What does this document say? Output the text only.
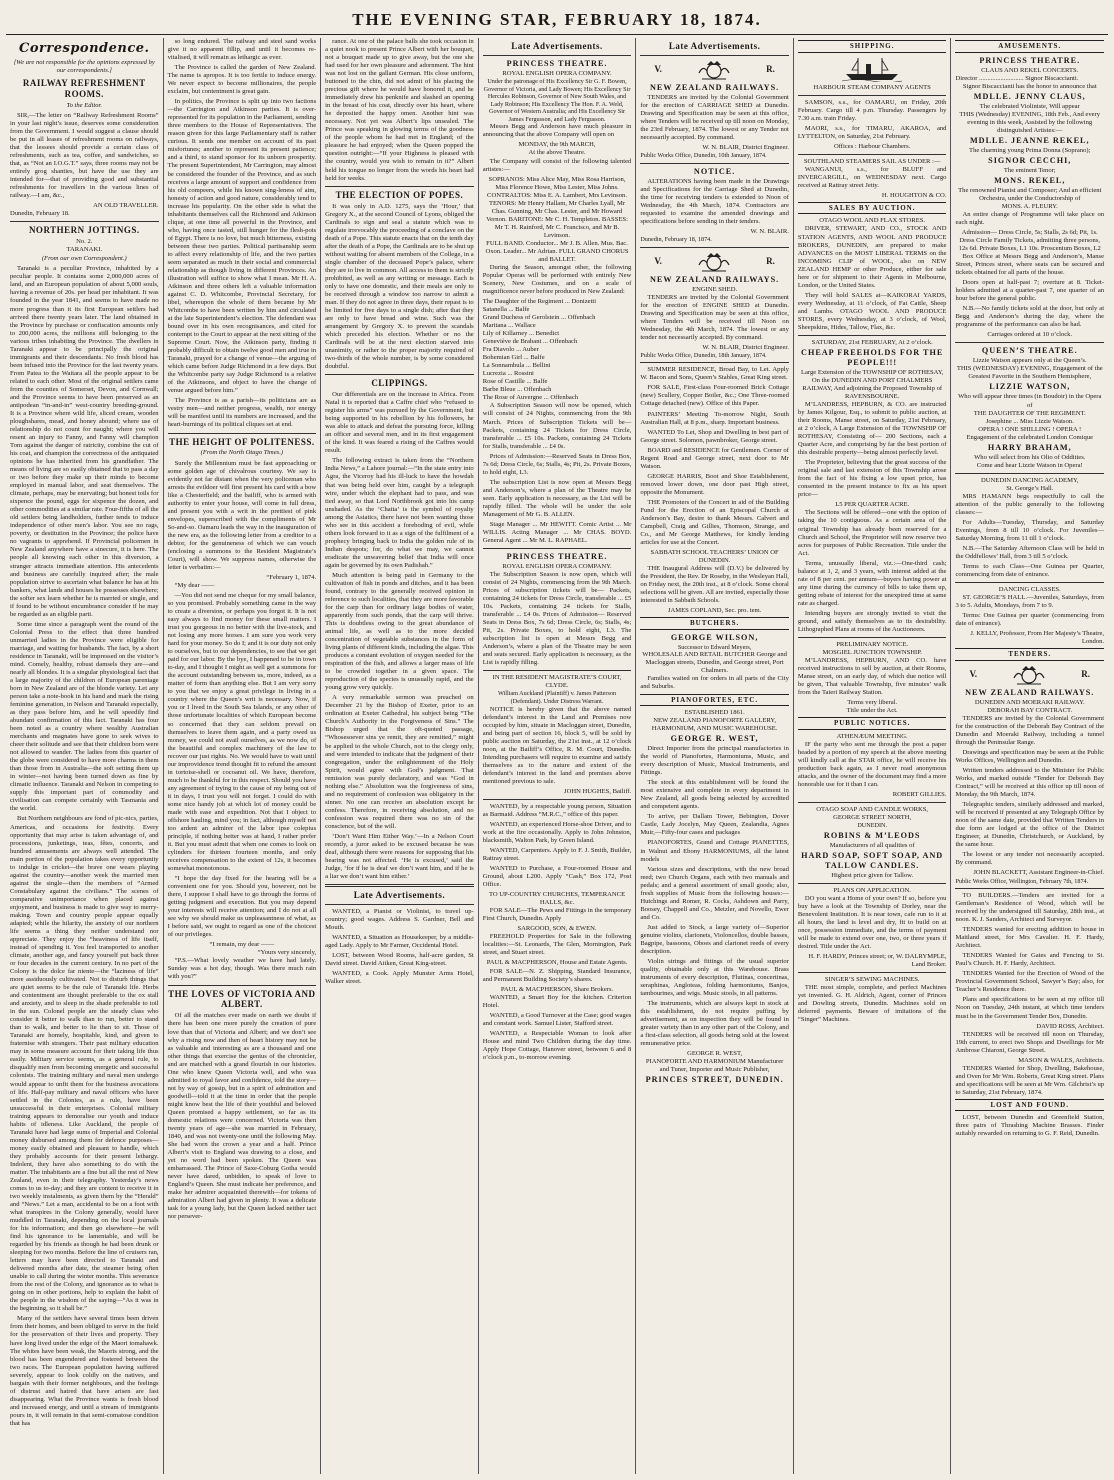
THE EVENING STAR, FEBRUARY 18, 1874.
Correspondence.
[We are not responsible for the opinions expressed by our correspondents.]
RAILWAY REFRESHMENT ROOMS.
To the Editor.

SIR,—The letter on “Railway Refreshment Rooms” in your last night’s issue, deserves some consideration from the Government. I would suggest a clause should be put in all leases of refreshment rooms on railways, that the lessees should provide a certain class of refreshments, such as tea, coffee, and sandwiches, so that, as “Not an I.O.G.T.” says, three rooms may not be entirely grog shanties, but have the use they are intended for—that of providing good and substantial refreshments for travellers in the various lines of railway.—I am, &c.,

AN OLD TRAVELLER.
Dunedin, February 18.
NORTHERN JOTTINGS.
No. 2.
TARANAKI.
(From our own Correspondent.)

Taranaki is a peculiar Province, inhabited by a peculiar people. It contains some 2,000,000 acres of land, and an European population of about 5,000 souls, having a revenue of 20s. per head per inhabitant. It was founded in the year 1841, and seems to have made no more progress than it its first European settlers had arrived there twenty years later. The land obtained in the Province by purchase or confiscation amounts only to 200,000 acres, the millions still belonging to the various tribes inhabiting the Province. The dwellers in Taranaki appear to be principally the original immigrants and their descendants. No fresh blood has been infused into the Province for the last twenty years. From Patea to the Waitara all the people appear to be related to each other. Most of the original settlers came from the counties of Somerset, Devon, and Cornwall; and the Province seems to have been preserved as an antipodean “in-and-in” west-country breeding-ground. It is a Province where wild life, sliced cream, wooden ploughshares, mead, and honey abound; where use of relationship do not count for naught; where you will resent an injury to Fanny, and Fanny will champion Tom against the danger of ratricity, combine the cut of his coat, and champion the correctness of the antiquated opinions he has inherited from his grandfather. The means of living are so easily obtained that to pass a day or two before they make up their minds to become employed in manual labor, and seat themselves. The climate, perhaps, may be enervating; but honest toils for sixpence the pound, eggs for sixpence the dozen, and other commodities at a similar rate. Four-fifths of all the old settlers being landholders, further tends to induce independence of other men’s labor. You see no rags, poverty, or destitution in the Province; the police have no vagrants to apprehend. If Provincial policemen in New Zealand anywhere have a sinecure, it is here. The people all knowing each other in this diversion, a stranger attracts immediate attention. His antecedents and business are carefully inquired after; the male population strive to ascertain what balance he has at his bankers, what lands and houses he possesses elsewhere; the softer sex learn whether he is married or single, and if found to be without encumbrance consider if he may be regarded as an eligible parti.

Some time since a paragraph went the round of the Colonial Press to the effect that three hundred unmarried ladies in the Province were eligible for marriage, and waiting for husbands. The fact, by a short residence in Taranaki, will be impressed on the visitor’s mind. Comely, healthy, robust damsels they are—and nearly all blondes. It is a singular physiological fact that a large majority of the children of European parentage born in New Zealand are of the blonde variety. Let any person take a note-book in his hand and mark the rising feminine generation, in Nelson and Taranaki especially, as they pass before him, and he will speedily find abundant confirmation of this fact. Taranaki has four been noted as a country where wealthy Australian merchants and magnates have gone to seek wives to cheer their solitude and see that their children born were not allowed to wander. The ladies from this quarter of the globe were considered to have more charms in them than those from in Australia—the soft setting them up in winter—not having been turned down as fine by climatic influence. Taranaki and Nelson in competing to supply this important part of commodity and civilisation can compete certainly with Tasmania and the world.

But Northern neighbours are fond of pic-nics, parties, Americas, and occasions for festivity. Every opportunity that may arise is taken advantage of, and processions, junketings, teas, fêtes, concerts, and hundred amusements are always well attended. The main portion of the population takes every opportunity to indulge in cricket—the brave one wears playing against the country—another week the married men against the single—then the members of “Armed Constabulary against the civilians.” The scenes of comparative unimportance when placed against enjoyment, and business is made to give way to merry-making. Town and country people appear equally adapted; while the hilarity, the anxiety of our northern life seems a thing they neither understand nor appreciate. They enjoy the “heaviness of life itself, instead of spending it. You feel transported to another climate, another age, and fancy yourself put back three or four decades in the current century. In no part of the Colony is the dolce far niente—the “laziness of life” more assiduously cultivated. Not to disturb things that are quiet seems to be the rule of Taranaki life. Herbs and contentment are thought preferable to the ox stall and anxiety, and to sleep in the shade preferable to toil in the sun. Colonel people are the steady class who consider it better to walk than to run, better to stand than to walk, and better to lie than to sit. Those of Taranaki are homely, hospitable, kind, and given to fraternise with strangers. Their past military education may in some measure account for their taking life thus easily. Military service seems, as a general rule, to disqualify men from becoming energetic and successful colonists. The training military and naval men undergo would appear to unfit them for the business avocations of life. Half-pay military and naval officers who have settled in the Colonies, as a rule, have been unsuccessful in their enterprises. Colonial military training appears to demoralise our youth and induce habits of idleness. Like Auckland, the people of Taranaki have had large sums of Imperial and Colonial money disbursed among them for defence purposes—money easily obtained and pleasant to handle, which they probably accounts for their present lethargy. Indolent, they have also something to do with the matter. The inhabitants are a fine but all the rest of New Zealand, even in their telegraphy. Yesterday’s news comes to us to-day; and they are content to receive it in two weekly instalments, as given them by the “Herald” and “News.” Let a man, accidental to be on a foot with what transpires in the Colony generally, would have muddled in Taranaki, depending on the local journals for his information; and then go elsewhere—he will find his ignorance to be lamentable, and will be regarded by his friends as though he had been drunk or sleeping for two months. Before the line of cruisers ran, letters may have been directed to Taranaki and delivered months after date, the steamer being often unable to call during the winter months. This severance from the rest of the Colony, and ignorance as to what is going on in other portions, help to explain the habit of the people in the wisdom of the saying—“As it was in the beginning, so it shall be.”

Many of the settlers have several times been driven from their homes, and been obliged to serve in the field for the preservation of their lives and property. They have long lived under the edge of the Maori tomahawk. The whites have been weak, the Maoris strong, and the blood has been engendered and fostered between the two races. The European population having suffered severely, appear to look coldly on the natives, and bargain with their former neighbours, and the feelings of distrust and hatred that have arisen are fast disappearing. What the Province wants is fresh blood and increased energy, and until a stream of immigrants pours in, it will remain in that semi-comatose condition that has

so long endured. The railway and steel sand works give it no apparent fillip, and until it becomes re-vitalised, it will remain as lethargic as ever.

The Province is called the garden of New Zealand. The name is apropos. It is too fertile to induce energy. We never expect to become millionaires, the people exclaim, but contentment is great gain.

In politics, the Province is split up into two factions—the Carrington and Atkinson parties. It is over-represented for its population in the Parliament, sending three members to the House of Representatives. The reason given for this large Parliamentary staff is rather curious. It sends one member on account of its past misfortunes; another to represent its present patience; and a third, to stand sponsor for its unborn prosperity. The present Superintendent, Mr Carrington, may almost be considered the founder of the Province, and as such receives a large amount of support and confidence from his old compeers, while his known sing-leness of aim, honesty of action and good nature, considerably tend to increase his popularity. On the other side is what the inhabitants themselves call the Richmond and Atkinson clique, at one time all powerful in the Province, and who, having once tasted, still hunger for the flesh-pots of Egypt. There is no love, but much bitterness, existing between these two parties. Political partisanship seem to affect every relationship of life, and the two parties seem separated as much in their social and commercial relationship as though living in different Provinces. An illustration will suffice to show what I mean. Mr H. A. Atkinson and three others left a valuable information against C. D. Whitcombe, Provincial Secretary, for libel, whereupon the whole of them became by Mr Whitcombe to have been written by him and circulated at the late Superintendent’s election. The defendant was bound over in his own recognisances, and cited for contempt to the Court to appear at the next sitting of the Supreme Court. Now, the Atkinson party, finding it probably difficult to obtain twelve good men and true in Taranaki, prayed for a change of venue—the arguing of which came before Judge Richmond in a few days. But the Whitcombe party say Judge Richmond is a relative of the Atkinsons, and object to have the change of venue argued before him.”

The Province is as a parish—its politicians are as vestry men—and neither progress, wealth, nor energy will be manifest until its numbers are increased, and the heart-burnings of its political cliques set at end.

THE HEIGHT OF POLITENESS.
(From the North Otago Times.)

Surely the Millennium must be fast approaching or some golden age of chivalrous courtesy. We say is evidently not far distant when the very policeman who arrests the evildoer will first present his card with a bow like a Chesterfield; and the bailiff, who is armed with authority to enter your house, will come in full dress, and present you with a writ in the prettiest of pink envelopes, superscribed with the compliments of Mr So-and-so. Oamaru leads the way in the inauguration of the new era, as the following letter from a creditor to a debtor, for the genuineness of which we can vouch (enclosing a summons to the Resident Magistrate’s Court), will show. We suppress names, otherwise the letter is verbatim:—

“February 1, 1874.

“My dear ——

—You did not send me cheque for my small balance, so you promised. Probably something came in the way to create a diversion, or perhaps you forgot it. It is not easy always to find money for these small matters. I trust you gorgeous in no better with the live-stock, and not losing any more horses. I am sure you work very hard for your money. So do I; and it is our duty not only to ourselves, but to our dependencies, to see that we get paid for our labor. By the bye, I happened to be in town to-day, and I thought I might as well get a summons for the account outstanding between us, more, indeed, as a matter of form than anything else. But I am very sorry to you that we enjoy a great privilege in living in a country where the Queen’s writ is necessary. Now, if you or I lived in the South Sea Islands, or any other of those unfortunate localities of which European become so concerned that they can seldom prevail on themselves to leave them again, and a party owed us money, we could not avail ourselves, as we now do, of the beautiful and complex machinery of the law to recover our just rights. No. We would have to wait until our improvidence trend thought fit to refund the amount in tortoise-shell or cocoanut oil. We have, therefore, much to be thankful for in this respect. Should you have any agreement of trying to the cause of my being out of it in days, I trust you will not forget. I could do with some nice handy job at which lot of money could be made with ease and expedition. Not that I object to offshore hauling, mind you; in fact, although myself not too ardent an admirer of the labor ipse colepius principle, if nothing better was at hand, I rather prefer it. But you must admit that when one comes to look on cylinders for thirteen fourteen months, and only receives compensation to the extent of 12s, it becomes somewhat monotonous.

“I hope the day fixed for the hearing will be a convenient one for you. Should you, however, not be there, I suppose I shall have to go through the forms of getting judgment and execution. But you may depend your interests will receive attention; and I do not at all see why we should make us unpleasantness of what, as I before said, we ought to regard as one of the choicest of our privileges.

“I remain, my dear ——
“Yours very sincerely,

“P.S.—What lovely weather we have had lately. Sunday was a hot day, though. Was there much rain with you?”

THE LOVES OF VICTORIA AND ALBERT.

Of all the matches ever made on earth we doubt if there has been one more purely the creation of pure love than that of Victoria and Albert; and we don’t see why a rising now and then of heart history may not be as valuable and interesting as are a thousand and one other things that exercise the genius of the chronicler, and are matched with a grand flourish in our histories. One who knew Queen Victoria well, and who was admitted to royal favor and confidence, told the story—not by way of gossip, but in a spirit of admiration and goodwill—told it at the time in order that the people might know best the life of their youthful and beloved Queen promised a happy settlement, so far as its domestic relations were concerned. Victoria was then twenty years of age—she was married in February, 1840, and was not twenty-one until the following May. She had worn the crown a year and a half. Prince Albert’s visit to England was drawing to a close, and yet no word had been spoken. The Queen was embarrassed. The Prince of Saxe-Coburg Gotha would never have dared, unbidden, to speak of love to England’s Queen. She must indicate her preference, and make her admirer acquainted therewith—for tokens of admiration Albert had given in plenty. It was a delicate task for a young lady, but the Queen lacked neither tact nor persever-

rance. At one of the palace balls she took occasion in a quiet nook to present Prince Albert with her bouquet, not a bouquet made up to give away, but the one she had used for her own pleasure and adornment. The hint was not lost on the gallant German. His close uniform, buttoned to the chin, did not admit of his placing the precious gift where he would have honored it, and he immediately drew his penknife and slashed an opening in the breast of his coat, directly over his heart, where he deposited the happy omen. Another hint was necessary. Not yet was Albert’s lips unsealed. The Prince was speaking in glowing terms of the goodness of the people whom he had met in England; of the pleasure he had enjoyed; when the Queen popped the question outright:—“If your Highness is pleased with the country, would you wish to remain in it?” Albert held his tongue no longer from the words his heart had held for weeks.

THE ELECTION OF POPES.

It was only in A.D. 1275, says the ‘Hour,’ that Gregory X., at the second Council of Lyons, obliged the Cardinals to sign and seal a statute which was to regulate irrevocably the proceeding of a conclave on the death of a Pope. This statute enacts that on the tenth day after the death of a Pope, the Cardinals are to be shut up without waiting for absent members of the College, in a single chamber of the deceased Pope’s palace, where they are to live in common. All access to them is strictly prohibited, as well as any writing or message. Each is only to have one domestic, and their meals are only to be received through a window too narrow to admit a man. If they do not agree in three days, their repast is to be limited for five days to a single dish; after that they are only to have bread and wine. Such was the arrangement by Gregory X. to prevent the scandals which preceded his election. Whether or no the Cardinals will be at the next election starved into unanimity, or rather to the proper majority required of two-thirds of the whole number, is by some considered doubtful.

CLIPPINGS.

Our differentials are on the increase in Africa. From Natal it is reported that a Caffre chief who “refused to register his arms” was pursued by the Government, but being supported in his rebellion by his followers, he was able to attack and defeat the pursuing force, killing an officer and several men, and in its first engagement of the kind. It was feared a rising of the Caffres would result.

The following extract is taken from the “Northern India News,” a Lahore journal:—“In the state entry into Agra, the Viceroy had his ill-luck to have the howdah that was being held over him, caught by a telegraph wire, under which the elephant had to pass, and was tied away, so that Lord Northbrook got into his camp unshaded. As the ‘Chatta’ is the symbol of royalty among the Asiatics, there have not been wanting those who see in this accident a foreboding of evil, while others look forward to it as a sign of the fulfilment of a prophecy bringing back to India the golden rule of its Indian despots; for, do what we may, we cannot eradicate the unwavering belief that India will once again be governed by its own Padishah.”

Much attention is being paid in Germany to the cultivation of fish in ponds and ditches, and it has been found, contrary to the generally received opinion in reference to such localities, that they are more favorable for the carp than for ordinary laige bodies of water, apparently from such ponds, that the carp will thrive. This is doubtless owing to the great abundance of animal life, as well as to the more decided concentration of vegetable substances in the form of living plants of different kinds, including the algae. This produces a constant evolution of oxygen needed for the respiration of the fish, and allows a larger mass of life to be crowded together in a given space. The reproduction of the species is unusually rapid, and the young grow very quickly.

A very remarkable sermon was preached on December 21 by the Bishop of Exeter, prior to an ordination at Exeter Cathedral, his subject being “The Church’s Authority in the Forgiveness of Sins.” The Bishop urged that the oft-quoted passage, “Whosesoever sins ye remit, they are remitted,” might be applied to the whole Church, not to the clergy only, and were intended to indicate that the judgment of their congregation, under the enlightenment of the Holy Spirit, would agree with God’s judgment. That remission was purely declaratory, and was “God in nothing else.” Absolution was the forgiveness of sins, and no requirement of confession was obligatory in the sinner. No one can receive an absolution except he confess. Therefore, in receiving absolution, and no confession was required there was no sin of the conscience, but of the will.

‘Don’t Want Him Either Way.’—In a Nelson Court recently, a juror asked to be excused because he was deaf, although there were reasons for supposing that his hearing was not affected. ‘He is excused,’ said the Judge, ‘for if he is deaf we don’t want him, and if he is a liar we don’t want him either.’

Late Advertisements.

WANTED, a Pianist or Violinist, to travel up-country; good wages. Address S. Gardner, Bell and Mouth.

WANTED, a Situation as Housekeeper, by a middle-aged Lady. Apply to Mr Farmer, Occidental Hotel.

LOST, between Wood Rooms, half-acre garden, St David street. David Aitken, Great King-street.

WANTED, a Cook. Apply Munster Arms Hotel, Walker street.

Late Advertisements.
PRINCESS THEATRE.
ROYAL ENGLISH OPERA COMPANY.
Under the patronage of His Excellency Sir G. F. Bowen, Governor of Victoria, and Lady Bowen; His Excellency Sir Hercules Robinson, Governor of New South Wales, and Lady Robinson; His Excellency The Hon. F. A. Weld, Governor of Western Australia; and His Excellency Sir James Fergusson, and Lady Fergusson.

Messrs Begg and Anderson have much pleasure in announcing that the above Company will open on

MONDAY, the 9th MARCH,
At the above Theatre.

The Company will consist of the following talented artistes:—

SOPRANOS: Miss Alice May, Miss Rosa Harrison, Miss Florence Howe, Miss Lester, Miss Johns. CONTRALTOS: Miss E. A. Lambert, Mrs Levinson. TENORS: Mr Henry Hallam, Mr Charles Lyall, Mr Chas. Gunning, Mr Chas. Lester, and Mr Howard Vernon. BARITONE: Mr C. H. Templeton. BASSES: Mr T. H. Rainford, Mr C. Francisco, and Mr B. Levinson.
FULL BAND. Conductor... Mr J. B. Allen. Mus. Bac. Oxon. Leader... Mr Adrian. FULL GRAND CHORUS and BALLET.

During the Season, amongst other, the following Popular Operas will be performed with entirely New Scenery, New Costumes, and on a scale of magnificence never before produced in New Zealand:

The Daughter of the Regiment ... Donizetti
Satanella ... Balfe
Grand Duchess of Gerolstein ... Offenbach
Maritana ... Wallace
Lily of Killarney ... Benedict
Geneviève de Brabant ... Offenbach
Fra Diavolo ... Auber
Bohemian Girl ... Balfe
La Sonnambula ... Bellini
Lucrezia ... Rossini
Rose of Castille ... Balfe
Barbe Bleue ... Offenbach
The Rose of Auvergne ... Offenbach

A Subscription Season will now be opened, which will consist of 24 Nights, commencing from the 9th March. Prices of Subscription Tickets will be— Packets, containing 24 Tickets for Dress Circle, transferable ... £5 10s. Packets, containing 24 Tickets for Stalls, transferable ... £4 0s.

Prices of Admission:—Reserved Seats in Dress Box, 7s 6d; Dress Circle, 6s; Stalls, 4s; Pit, 2s. Private Boxes, to hold eight, L3.

The subscription List is now open at Messrs Begg and Anderson’s, where a plan of the Theatre may be seen. Early application is necessary, as the List will be rapidly filled. The whole will be under the sole Management of Mr G. B. ALLEN.

Stage Manager ... Mr HEWITT. Comic Artist ... Mr WILLIS. Acting Manager ... Mr CHAS. BOYD. General Agent ... Mr M. L. RAPHAEL.

PRINCESS THEATRE.
ROYAL ENGLISH OPERA COMPANY.

The Subscription Season is now open, which will consist of 24 Nights, commencing from the 9th March. Prices of subscription tickets will be— Packets, containing 24 tickets for Dress Circle, transferable ... £5 10s. Packets, containing 24 tickets for Stalls, transferable ... £4 0s. Prices of Admission— Reserved Seats in Dress Box, 7s 6d; Dress Circle, 6s; Stalls, 4s; Pit, 2s. Private Boxes, to hold eight, L3. The subscription list is open at Messrs Begg and Anderson’s, where a plan of the Theatre may be seen and seats secured. Early application is necessary, as the List is rapidly filling.

IN THE RESIDENT MAGISTRATE’S COURT, CLYDE.
William Auckland (Plaintiff) v. James Patterson (Defendant). Under Distress Warrant.

NOTICE is hereby given that the above named defendant’s interest in the Land and Premises now occupied by him, situate in Macloggan street, Dunedin, and being part of section 16, block 5, will be sold by public auction on Saturday, the 21st inst., at 12 o’clock noon, at the Bailiff’s Office, R. M. Court, Dunedin. Intending purchasers will require to examine and satisfy themselves as to the nature and extent of the defendant’s interest in the land and premises above mentioned previous to sale.

JOHN HUGHES, Bailiff.

WANTED, by a respectable young person, Situation as Barmaid. Address “M.R.C.,” office of this paper.

WANTED, an experienced Horse-shoe Driver, and to work at the fire occasionally. Apply to John Johnston, blacksmith, Walton Park, by Green Island.

WANTED, Carpenters. Apply to F. J. Smith, Builder, Rattray street.

WANTED to Purchase, a Four-roomed House and Ground, about L200. Apply “Cash,” Box 172, Post Office.

TO UP-COUNTRY CHURCHES, TEMPERANCE HALLS, &c.

FOR SALE—The Pews and Fittings in the temporary First Church, Dunedin. Apply

SARGOOD, SON, & EWEN.

FREEHOLD Properties for Sale in the following localities:—St. Leonards, The Glen, Mornington, Park street, and Stuart street.

PAUL & MACPHERSON, House and Estate Agents.

FOR SALE—N. Z. Shipping, Standard Insurance, and Permanent Building Society’s shares.

PAUL & MACPHERSON, Share Brokers.

WANTED, a Smart Boy for the kitchen. Criterion Hotel.

WANTED, a Good Turnover at the Case; good wages and constant work. Samuel Lister, Stafford street.

WANTED, a Respectable Woman to look after House and mind Two Children during the day time. Apply Hope Cottage, Hanover street, between 6 and 8 o’clock p.m., to-morrow evening.

Late Advertisements.
V.	R.
NEW ZEALAND RAILWAYS.

TENDERS are invited by the Colonial Government for the erection of CARRIAGE SHED at Dunedin. Drawing and Specification may be seen at this office, where Tenders will be received up till noon on Monday, the 23rd February, 1874. The lowest or any Tender not necessarily accepted. By command.

W. N. BLAIR, District Engineer.
Public Works Office, Dunedin, 10th January, 1874.
NOTICE.

ALTERATIONS having been made in the Drawings and Specifications for the Carriage Shed at Dunedin, the time for receiving tenders is extended to Noon of Wednesday, the 4th March, 1874. Contractors are requested to examine the amended drawings and specifications before sending in their tenders.

W. N. BLAIR.
Dunedin, February 18, 1874.
V.	R.
NEW ZEALAND RAILWAYS.
ENGINE SHED.

TENDERS are invited by the Colonial Government for the erection of ENGINE SHED at Dunedin. Drawing and Specification may be seen at this office, where Tenders will be received till Noon on Wednesday, the 4th March, 1874. The lowest or any tender not necessarily accepted. By command.

W. N. BLAIR, District Engineer.
Public Works Office, Dunedin, 18th January, 1874.

SUMMER RESIDENCE, Broad Bay, to Let. Apply W. Bacon and Sons, Queen’s Stables, Great King street.

FOR SALE, First-class Four-roomed Brick Cottage (new) Scullery, Copper Boiler, &c.; One Three-roomed Cottage detached (new). Office of this Paper.

PAINTERS’ Meeting To-morrow Night, South Australian Hall, at 8 p.m., sharp. Important business.

WANTED To Let, Shop and Dwelling in best part of George street. Solomon, pawnbroker, George street.

BOARD and RESIDENCE for Gentlemen. Corner of Regent Road and George street, next door to Mr Watson.

GEORGE HARRIS, Boot and Shoe Establishment, removed lower down, one door past High street, opposite the Monument.

THE Promoters of the Concert in aid of the Building Fund for the Erection of an Episcopal Church at Anderson’s Bay, desire to thank Messrs. Calvert and Campbell, Craig and Gillies, Thomson, Strange, and Co., and Mr George Matthews, for kindly lending articles for use at the Concert.

SABBATH SCHOOL TEACHERS’ UNION OF DUNEDIN.

THE Inaugural Address will (D.V.) be delivered by the President, the Rev. Dr Roseby, in the Wesleyan Hall, on Friday next, the 20th inst., at 8 o’clock. Some choral selections will be given. All are invited, especially those interested in Sabbath Schools.

JAMES COPLAND, Sec. pro. tem.
BUTCHERS.
GEORGE WILSON,
Successor to Edward Meyers,
WHOLESALE AND RETAIL BUTCHER George and Macloggan streets, Dunedin, and George street, Port Chalmers.

Families waited on for orders in all parts of the City and Suburbs.

PIANOFORTES, ETC.
ESTABLISHED 1861.
NEW ZEALAND PIANOFORTE GALLERY, HARMONIUM, AND MUSIC WAREHOUSE.
GEORGE R. WEST,

Direct Importer from the principal manufactories in the world of Pianofortes, Harmoniums, Music, and every description of Music, Musical Instruments, and Fittings.

The stock at this establishment will be found the most extensive and complete in every department in New Zealand, all goods being selected by accredited and competent agents.

To arrive, per Dallam Tower, Bebington, Dover Castle, Lady Jocelyn, May Queen, Zealandia, Agnes Muir,—Fifty-four cases and packages

PIANOFORTES, Grand and Cottage PIANETTES, in Walnut and Ebony HARMONIUMS, all the latest models

Various sizes and descriptions, with the new broad reed; two Church Organs, each with two manuals and pedals; and a general assortment of small goods; also, fresh supplies of Music from the following houses:—Hutchings and Romer, R. Cocks, Ashdown and Parry, Boosey, Chappell and Co., Metzler, and Novello, Ewer and Co.

Just added to Stock, a large variety of—Superior genuine violins, clarionets, Violoncellos, double basses, Bagpipe, bassoons, Oboes and clarionet reeds of every description.

Violin strings and fittings of the usual superior quality, obtainable only at this Warehouse. Brass instruments of every description, Flutinas, concertinas, seraphinas, Angloteas, folding harmoniums, Banjos, tambourines, and wigs. Music stools, in all patterns.

The instruments, which are always kept in stock at this establishment, do not require puffing by advertisement, as on inspection they will be found in greater variety than in any other part of the Colony, and a first-class selection, all goods being sold at the lowest remunerative price.

GEORGE R. WEST,
PIANOFORTE AND HARMONIUM Manufacturer and Tuner, Importer and Music Publisher,
PRINCES STREET, DUNEDIN.
SHIPPING.
HARBOUR STEAM COMPANY AGENTS

SAMSON, s.s., for OAMARU, on Friday, 20th February. Cargo till 4 p.m. Thursday. Passengers by 7.30 a.m. train Friday.

MAORI, s.s., for TIMARU, AKAROA, and LYTTELTON, on Saturday, 21st February.

Offices : Harbour Chambers.
SOUTHLAND STEAMERS SAIL AS UNDER :—

WANGANUI, s.s., for BLUFF and INVERCARGILL, on WEDNESDAY next. Cargo received at Rattray street Jetty.

H. HOUGHTON & CO.
SALES BY AUCTION.
OTAGO WOOL AND FLAX STORES.

DRIVER, STEWART, AND CO., STOCK AND STATION AGENTS, AND WOOL AND PRODUCE BROKERS, DUNEDIN, are prepared to make ADVANCES on the MOST LIBERAL TERMS on the INCOMING CLIP of WOOL, also on NEW ZEALAND HEMP or other Produce, either for sale here or for shipment to their Agents in Melbourne, London, or the United States.

They will hold SALES at—KAIKORAI YARDS, every Wednesday, at 11 o’clock, of Fat Cattle, Sheep and Lambs. OTAGO WOOL AND PRODUCE STORES, every Wednesday, at 3 o’clock, of Wool, Sheepskins, Hides, Tallow, Flax, &c.

SATURDAY, 21st FEBRUARY, At 2 o’clock.
CHEAP FREEHOLDS FOR THE PEOPLE!!!
Large Extension of the TOWNSHIP OF ROTHESAY, On the DUNEDIN AND PORT CHALMERS RAILWAY, And adjoining the Proposed Township of RAVENSBOURNE.

M’LANDRESS, HEPBURN, & CO. are instructed by James Kilgour, Esq., to submit to public auction, at their Rooms, Manse street, on Saturday, 21st February, at 2 o’clock, A Large Extension of the TOWNSHIP OF ROTHESAY, Consisting of— 200 Sections, each a Quarter Acre, and comprising by far the best portion of this desirable property—being almost perfectly level.

The Proprietor, believing that the great success of the original sale and last extension of this Township arose from the fact of his fixing a low upset price, has consented in the present instance to fix as his upset price—

L5 PER QUARTER ACRE.

The Sections will be offered—one with the option of taking the 10 contiguous. As a certain area of the original Township has already been reserved for a Church and School, the Proprietor will now reserve two acres for purposes of Public Recreation. Title under the Act.

Terms, unusually liberal, viz.:—One-third cash; balance at 1, 2, and 3 years, with interest added at the rate of 8 per cent. per annum—buyers having power at any time during the currency of bills to take them up, getting rebate of interest for the unexpired time at same rate as charged.

Intending buyers are strongly invited to visit the ground, and satisfy themselves as to its desirability. Lithographed Plans at rooms of the Auctioneers.

PRELIMINARY NOTICE.
MOSGIEL JUNCTION TOWNSHIP.

M’LANDRESS, HEPBURN, AND CO. have received instructions to sell by auction, at their Rooms, Manse street, on an early day, of which due notice will be given, That valuable Township, five minutes’ walk from the Taieri Railway Station.

Terms very liberal.
Title under the Act.
PUBLIC NOTICES.
ATHENÆUM MEETING.

IF the party who sent me through the post a paper headed by a portion of my speech at the above meeting will kindly call at the STAR office, he will receive his production back again, as I never read anonymous attacks, and the owner of the document may find a more honorable use for it than I can.

ROBERT GILLIES.
OTAGO SOAP AND CANDLE WORKS,
GEORGE STREET NORTH,
DUNEDIN.
ROBINS & M’LEODS
Manufacturers of all qualities of
HARD SOAP, SOFT SOAP, AND TALLOW CANDLES.
Highest price given for Tallow.
PLANS ON APPLICATION.

DO you want a Home of your own? If so, before you buy have a look at the Township of Dorley, near the Benevolent Institution. It is near town, cafe run to it at all hours, the land is level and dry, fit to build on at once, possession immediate, and the terms of payment will be made to extend over one, two, or three years if desired. Title under the Act.

H. F. HARDY, Princes street; or, W. DALRYMPLE, Land Broker.
SINGER’S SEWING MACHINES.

THE most simple, complete, and perfect Machines yet invented. G. H. Aldrich, Agent, corner of Princes and Dowling streets, Dunedin. Machines sold on deferred payments. Beware of imitations of the “Singer” Machines.

AMUSEMENTS.
PRINCESS THEATRE.
CLAUS AND REKEL CONCERTS.
Director ........................... Signor Biscaccianti.
Signor Biscaccianti has the honor to announce that
MDLLE. JENNY CLAUS,
The celebrated Violiniste, Will appear
THIS (Wednesday) EVENING, 18th Feb., And every evening in this week, Assisted by the following distinguished Artistes:—
MDLLE. JEANNE REKEL,
The charming young Prima Donna (Soprano);
SIGNOR CECCHI,
The eminent Tenor;
MONS. REKEL,
The renowned Pianist and Composer; And an efficient Orchestra, under the Conductorship of
MONS. A. FLEURY.

An entire change of Programme will take place on each night.

Admission— Dress Circle, 5s; Stalls, 2s 6d; Pit, 1s. Dress Circle Family Tickets, admitting three persons, 12s 6d. Private Boxes, L1 10s. Proscenium Boxes, L2

Box Office at Messrs Begg and Anderson’s, Manse Street, Princes street, where seats can be secured and tickets obtained for all parts of the house.

Doors open at half-past 7; overture at 8. Ticket-holders admitted at a quarter-past 7, one quarter of an hour before the general public.

N.B.—No family tickets sold at the door, but only at Begg and Anderson’s during the day, where the programme of the performance can also be had.

Carriages ordered at 10 o’clock.
QUEEN’S THEATRE.
Lizzie Watson appears only at the Queen’s.
THIS (WEDNESDAY) EVENING, Engagement of the Greatest Favorite in the Southern Hemisphere,
LIZZIE WATSON,
Who will appear three times (in Boudoir) in the Opera of
THE DAUGHTER OF THE REGIMENT.
Josephine ... Miss Lizzie Watson.
OPERA ! ONE SHILLING ! OPERA !
Engagement of the celebrated London Comique
HARRY BRAHAM,
Who will select from his Olio of Oddities.
Come and hear Lizzie Watson in Opera!
DUNEDIN DANCING ACADEMY,
St. George’s Hall.

MRS HAMANN begs respectfully to call the attention of the public generally to the following classes:—

For Adults—Tuesday, Thursday, and Saturday Evenings, from 8 till 10 o’clock. For Juveniles—Saturday Morning, from 11 till 1 o’clock.

N.B.—The Saturday Afternoon Class will be held in the Oddfellows’ Hall, from 3 till 5 o’clock.

Terms to each Class—One Guinea per Quarter, commencing from date of entrance.

DANCING CLASSES.

ST. GEORGE’S HALL.—Juveniles, Saturdays, from 3 to 5. Adults, Mondays, from 7 to 9.

Terms: One Guinea per quarter (commencing from date of entrance).

J. KELLY, Professor, From Her Majesty’s Theatre, London.
TENDERS.
V.	R.
NEW ZEALAND RAILWAYS.
DUNEDIN AND MOERAKI RAILWAY.
DEBORAH BAY CONTRACT.

TENDERS are invited by the Colonial Government for the construction of the Deborah Bay Contract of the Dunedin and Moeraki Railway, including a tunnel through the Peninsular Range.

Drawings and specification may be seen at the Public Works Offices, Wellington and Dunedin.

Written tenders addressed to the Minister for Public Works, and marked outside “Tender for Deborah Bay Contract,” will be received at this office up till noon of Monday, the 9th March, 1874.

Telegraphic tenders, similarly addressed and marked, will be received if presented at any Telegraph Office by noon of the same date, provided that Written Tenders in due form are lodged at the office of the District Engineer, at Dunedin, Christchurch, or Auckland, by the same hour.

The lowest or any tender not necessarily accepted. By command.

JOHN BLACKETT, Assistant Engineer-in-Chief.
Public Works Office, Wellington, February 7th, 1874.

TO BUILDERS.—Tenders are invited for a Gentleman’s Residence of Wood, which will be received by the undersigned till Saturday, 28th inst., at noon. K. J. Sanders, Architect and Surveyor.

TENDERS wanted for erecting addition to house in Maitland street, for Mrs Cavalier. H. F. Hardy, Architect.

TENDERS Wanted for Gates and Fencing to St. Paul’s Church. H. F. Hardy, Architect.

TENDERS Wanted for the Erection of Wood of the Provincial Government School, Sawyer’s Bay; also, for Teacher’s Residence there.

Plans and specifications to be seen at my office till Noon on Tuesday, 24th instant, at which time tenders must be in the Government Tender Box, Dunedin.

DAVID ROSS, Architect.

TENDERS will be received till noon on Thursday, 19th current, to erect two Shops and Dwellings for Mr Ambrose Chiaroni, George Street.

MASON & WALES, Architects.

TENDERS Wanted for Shop, Dwelling, Bakehouse, and Oven for Mr Wm. Roberts, Great King street. Plans and specifications will be seen at Mr Wm. Gilchrist’s up to Saturday, 21st February, 1874.

LOST AND FOUND.

LOST, between Dunedin and Greenfield Station, three pairs of Thrashing Machine Brasses. Finder suitably rewarded on returning to G. F. Reid, Dunedin.
